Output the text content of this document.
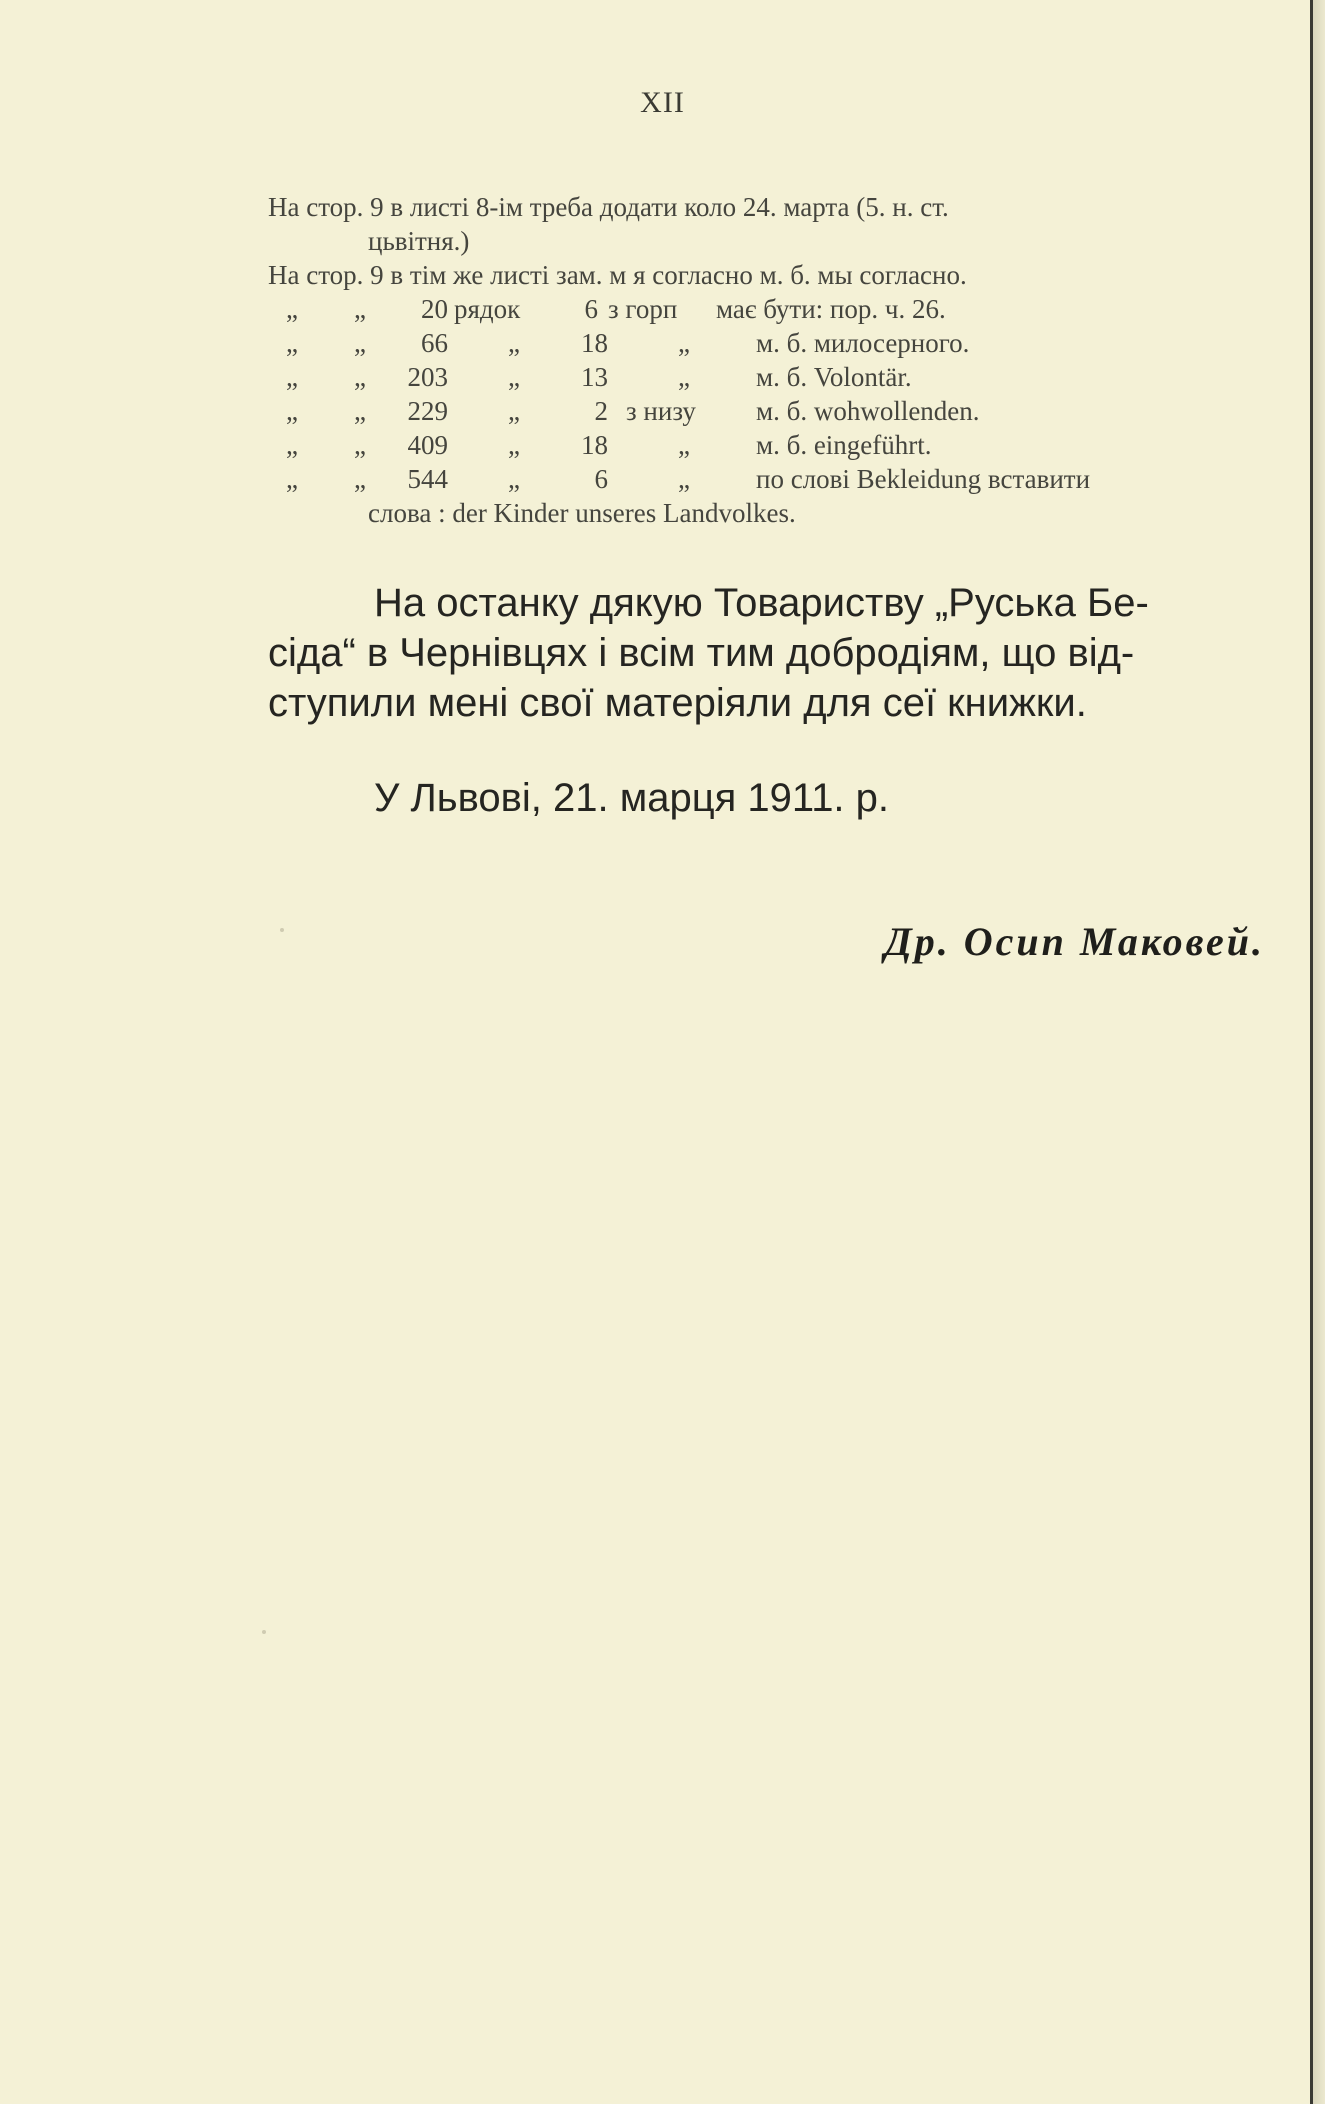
XII
На стор. 9 в листі 8-ім треба додати коло 24. марта (5. н. ст.
цьвітня.)
На стор. 9 в тім же листі зам. м я согласно м. б. мы согласно.
„ „	20 рядок	6 з горп має бути: пор. ч. 26.
„ „	66	„	18	„ м. б. милосерного.
„ „	203	„	13	„ м. б. Volontär.
„ „	229	„	2 з низу м. б. wohwollenden.
„ „	409	„	18	„ м. б. eingeführt.
„ „	544	„	6	„ по слові Bekleidung вставити
слова : der Kinder unseres Landvolkes.
На останку дякую Товариству „Руська Бе-
сіда“ в Чернівцях і всім тим добродіям, що від-
ступили мені свої матеріяли для сеї книжки.
У Львові, 21. марця 1911. р.
Др. Осип Маковей.
